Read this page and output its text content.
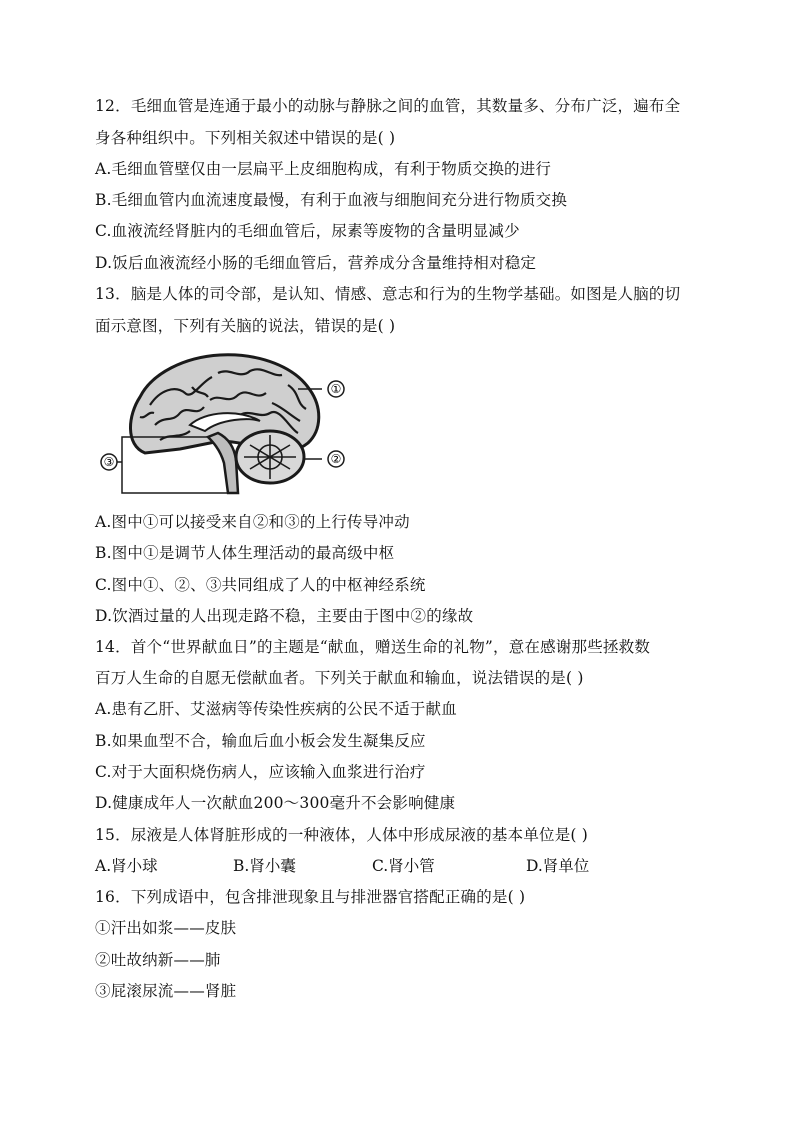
12．毛细血管是连通于最小的动脉与静脉之间的血管，其数量多、分布广泛，遍布全
身各种组织中。下列相关叙述中错误的是( )
A.毛细血管壁仅由一层扁平上皮细胞构成，有利于物质交换的进行
B.毛细血管内血流速度最慢，有利于血液与细胞间充分进行物质交换
C.血液流经肾脏内的毛细血管后，尿素等废物的含量明显减少
D.饭后血液流经小肠的毛细血管后，营养成分含量维持相对稳定
13．脑是人体的司令部，是认知、情感、意志和行为的生物学基础。如图是人脑的切
面示意图，下列有关脑的说法，错误的是( )
①
②
③
A.图中①可以接受来自②和③的上行传导冲动
B.图中①是调节人体生理活动的最高级中枢
C.图中①、②、③共同组成了人的中枢神经系统
D.饮酒过量的人出现走路不稳，主要由于图中②的缘故
14．首个“世界献血日”的主题是“献血，赠送生命的礼物”，意在感谢那些拯救数
百万人生命的自愿无偿献血者。下列关于献血和输血，说法错误的是( )
A.患有乙肝、艾滋病等传染性疾病的公民不适于献血
B.如果血型不合，输血后血小板会发生凝集反应
C.对于大面积烧伤病人，应该输入血浆进行治疗
D.健康成年人一次献血200～300毫升不会影响健康
15．尿液是人体肾脏形成的一种液体，人体中形成尿液的基本单位是( )
A.肾小球	B.肾小囊	C.肾小管	D.肾单位
16．下列成语中，包含排泄现象且与排泄器官搭配正确的是( )
①汗出如浆——皮肤
②吐故纳新——肺
③屁滚尿流——肾脏
